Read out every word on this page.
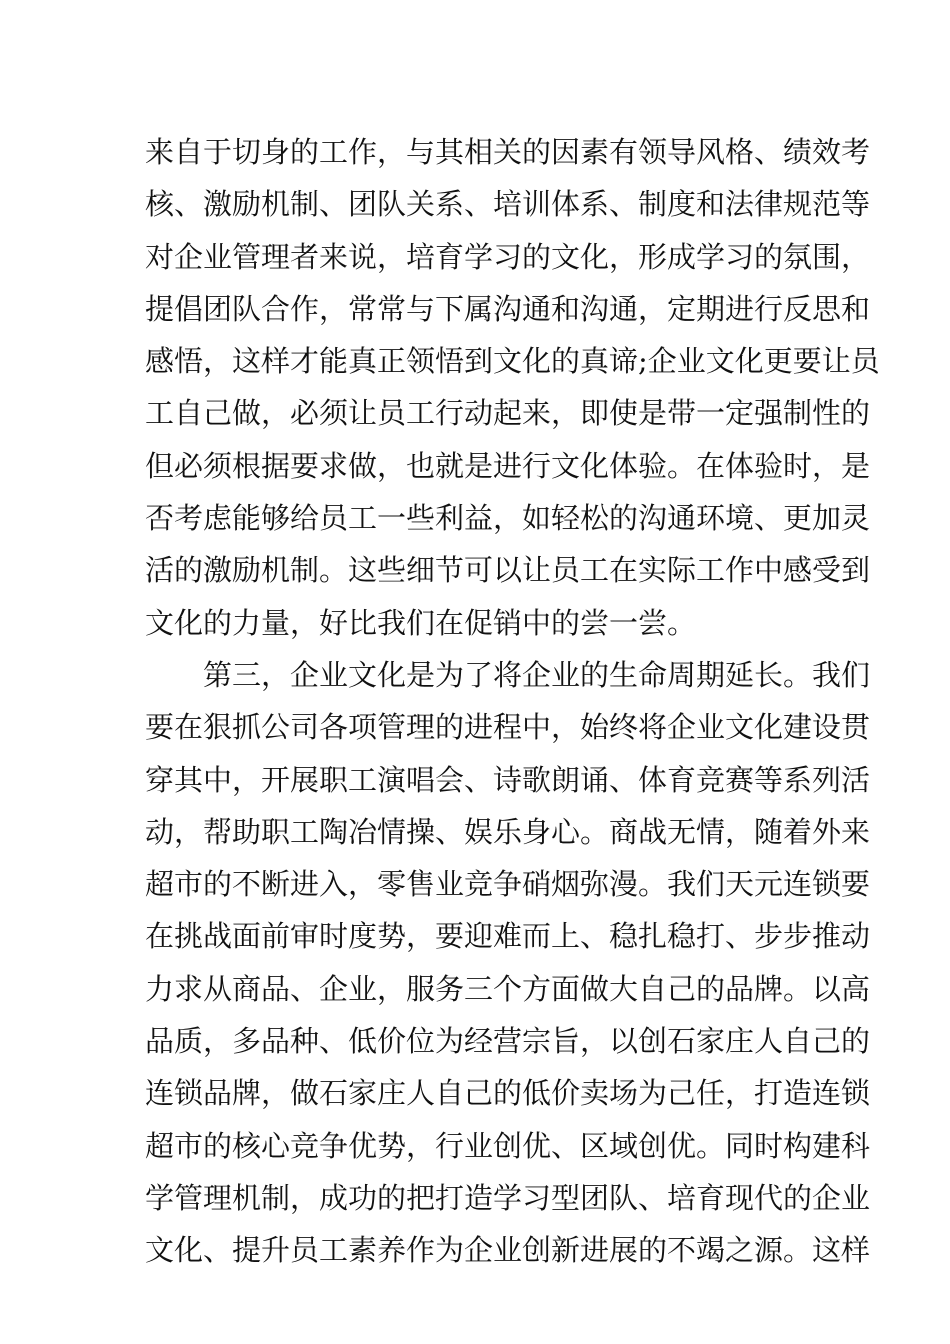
来自于切身的工作，与其相关的因素有领导风格、绩效考
核、激励机制、团队关系、培训体系、制度和法律规范等
对企业管理者来说，培育学习的文化，形成学习的氛围，
提倡团队合作，常常与下属沟通和沟通，定期进行反思和
感悟，这样才能真正领悟到文化的真谛;企业文化更要让员
工自己做，必须让员工行动起来，即使是带一定强制性的
但必须根据要求做，也就是进行文化体验。在体验时，是
否考虑能够给员工一些利益，如轻松的沟通环境、更加灵
活的激励机制。这些细节可以让员工在实际工作中感受到
文化的力量，好比我们在促销中的尝一尝。
第三，企业文化是为了将企业的生命周期延长。我们
要在狠抓公司各项管理的进程中，始终将企业文化建设贯
穿其中，开展职工演唱会、诗歌朗诵、体育竞赛等系列活
动，帮助职工陶冶情操、娱乐身心。商战无情，随着外来
超市的不断进入，零售业竞争硝烟弥漫。我们天元连锁要
在挑战面前审时度势，要迎难而上、稳扎稳打、步步推动
力求从商品、企业，服务三个方面做大自己的品牌。以高
品质，多品种、低价位为经营宗旨，以创石家庄人自己的
连锁品牌，做石家庄人自己的低价卖场为己任，打造连锁
超市的核心竞争优势，行业创优、区域创优。同时构建科
学管理机制，成功的把打造学习型团队、培育现代的企业
文化、提升员工素养作为企业创新进展的不竭之源。这样
